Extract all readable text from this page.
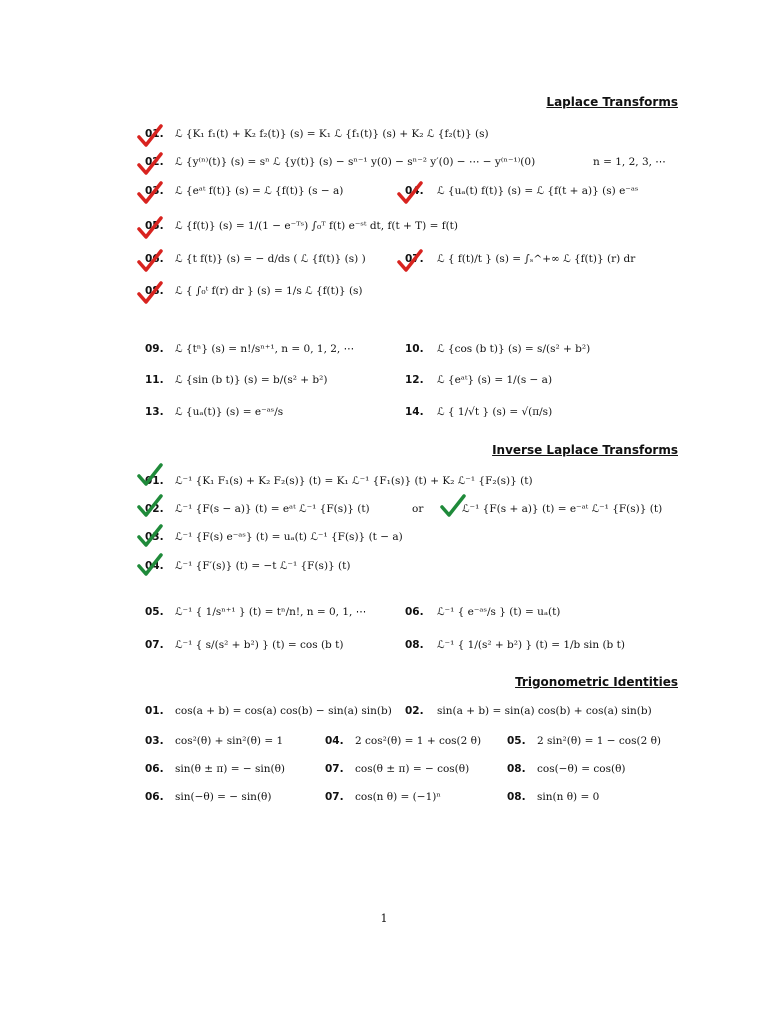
Laplace Transforms
Inverse Laplace Transforms
Trigonometric Identities
01. ℒ {K₁ f₁(t) + K₂ f₂(t)} (s) = K₁ ℒ {f₁(t)} (s) + K₂ ℒ {f₂(t)} (s)
02. ℒ {y⁽ⁿ⁾(t)} (s) = sⁿ ℒ {y(t)} (s) − sⁿ⁻¹ y(0) − sⁿ⁻² y′(0) − ⋯ − y⁽ⁿ⁻¹⁾(0)	n = 1, 2, 3, ⋯
03. ℒ {eᵃᵗ f(t)} (s) = ℒ {f(t)} (s − a)	04. ℒ {uₐ(t) f(t)} (s) = ℒ {f(t + a)} (s) e⁻ᵃˢ
05. ℒ {f(t)} (s) = 1/(1 − e⁻ᵀˢ) ∫₀ᵀ f(t) e⁻ˢᵗ dt, f(t + T) = f(t)
06. ℒ {t f(t)} (s) = − d/ds ( ℒ {f(t)} (s) )	07. ℒ { f(t)/t } (s) = ∫ₛ^+∞ ℒ {f(t)} (r) dr
08. ℒ { ∫₀ᵗ f(r) dr } (s) = 1/s ℒ {f(t)} (s)
09. ℒ {tⁿ} (s) = n!/sⁿ⁺¹, n = 0, 1, 2, ⋯	10. ℒ {cos (b t)} (s) = s/(s² + b²)
11. ℒ {sin (b t)} (s) = b/(s² + b²)	12. ℒ {eᵃᵗ} (s) = 1/(s − a)
13. ℒ {uₐ(t)} (s) = e⁻ᵃˢ/s	14. ℒ { 1/√t } (s) = √(π/s)
01. ℒ⁻¹ {K₁ F₁(s) + K₂ F₂(s)} (t) = K₁ ℒ⁻¹ {F₁(s)} (t) + K₂ ℒ⁻¹ {F₂(s)} (t)
02. ℒ⁻¹ {F(s − a)} (t) = eᵃᵗ ℒ⁻¹ {F(s)} (t)	or	ℒ⁻¹ {F(s + a)} (t) = e⁻ᵃᵗ ℒ⁻¹ {F(s)} (t)
03. ℒ⁻¹ {F(s) e⁻ᵃˢ} (t) = uₐ(t) ℒ⁻¹ {F(s)} (t − a)
04. ℒ⁻¹ {F′(s)} (t) = −t ℒ⁻¹ {F(s)} (t)
05. ℒ⁻¹ { 1/sⁿ⁺¹ } (t) = tⁿ/n!, n = 0, 1, ⋯	06. ℒ⁻¹ { e⁻ᵃˢ/s } (t) = uₐ(t)
07. ℒ⁻¹ { s/(s² + b²) } (t) = cos (b t)	08. ℒ⁻¹ { 1/(s² + b²) } (t) = 1/b sin (b t)
01. cos(a + b) = cos(a) cos(b) − sin(a) sin(b) 02. sin(a + b) = sin(a) cos(b) + cos(a) sin(b)
03. cos²(θ) + sin²(θ) = 1	04. 2 cos²(θ) = 1 + cos(2 θ) 05. 2 sin²(θ) = 1 − cos(2 θ)
06. sin(θ ± π) = − sin(θ)	07. cos(θ ± π) = − cos(θ)	08. cos(−θ) = cos(θ)
06. sin(−θ) = − sin(θ)	07. cos(n θ) = (−1)ⁿ	08. sin(n θ) = 0
1
